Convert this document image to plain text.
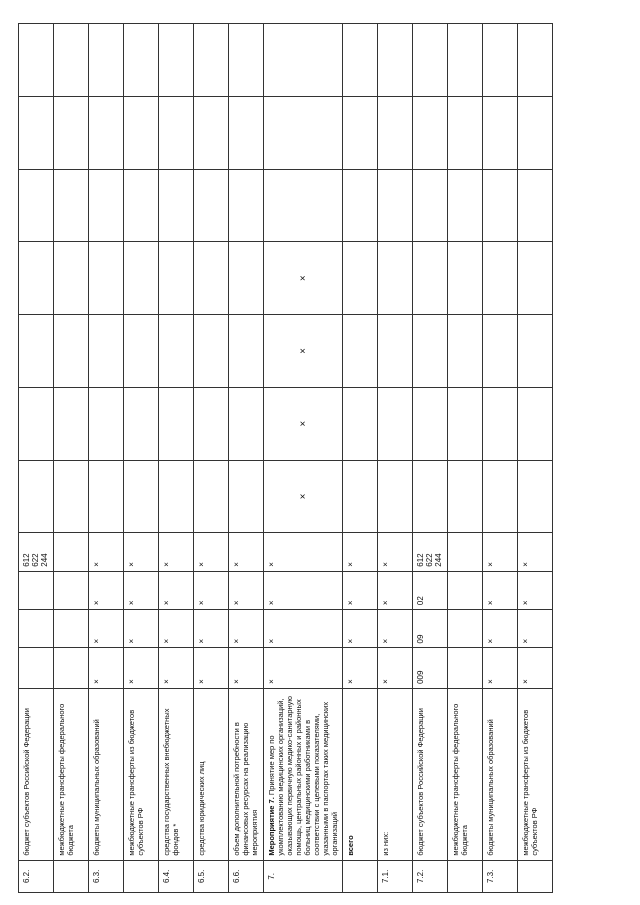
6.2.	бюджет субъектов Российской Федерации				612
622
244							
	межбюджетные трансферты федерального бюджета											
6.3.	бюджеты муниципальных образований	×	×	×	×							
	межбюджетные трансферты из бюджетов субъектов РФ	×	×	×	×							
6.4.	средства государственных внебюджетных фондов *	×	×	×	×							
6.5.	средства юридических лиц	×	×	×	×							
6.6.	объем дополнительной потребности в финансовых ресурсах на реализацию мероприятия	×	×	×	×							
7.	Мероприятие 7. Принятие мер по укомплектованию медицинских организаций, оказывающих первичную медико-санитарную помощь, центральных районных и районных больниц медицинскими работниками в соответствии с целевыми показателями, указанными в паспортах таких медицинских организаций	×	×	×	×	×	×	×	×			
	всего	×	×	×	×							
7.1.	из них:	×	×	×	×							
7.2.	бюджет субъектов Российской Федерации	009	09	02	612
622
244							
	межбюджетные трансферты федерального бюджета											
7.3.	бюджеты муниципальных образований	×	×	×	×							
	межбюджетные трансферты из бюджетов субъектов РФ	×	×	×	×							
